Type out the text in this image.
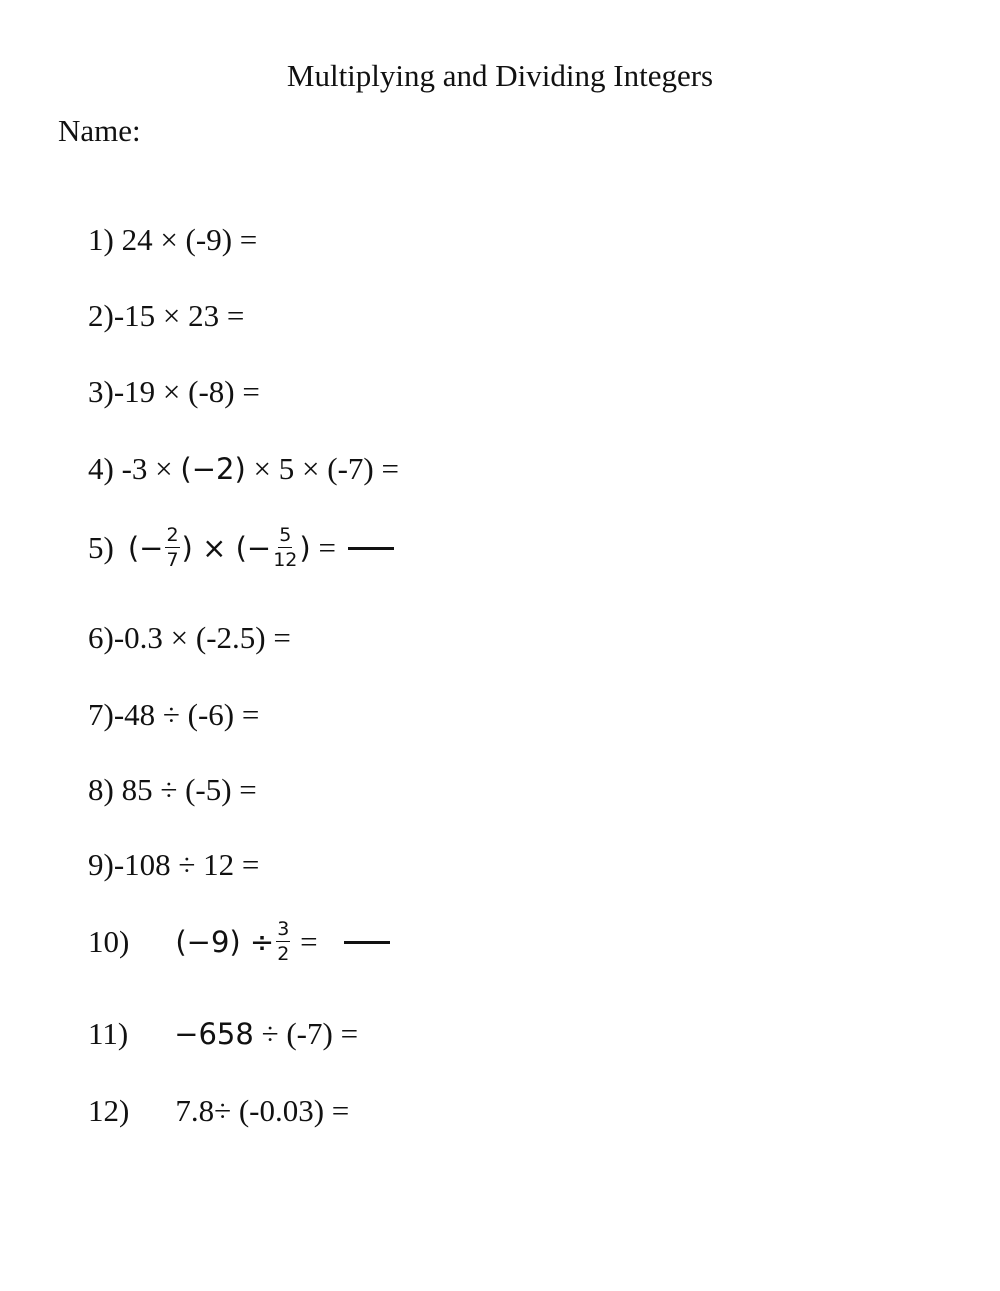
Multiplying and Dividing Integers
Name:
1) 24 × (-9) =
2)-15 × 23 =
3)-19 × (-8) =
4) -3 × (−2) × 5 × (-7) =
5) (− $\frac{2}{7}$ ) × (− $\frac{5}{12}$ ) =
6)-0.3 × (-2.5) =
7)-48 ÷ (-6) =
8) 85 ÷ (-5) =
9)-108 ÷ 12 =
10) $(-9) \div \frac{3}{2}$ =
11) −658 ÷ (-7) =
12) 7.8÷ (-0.03) =
